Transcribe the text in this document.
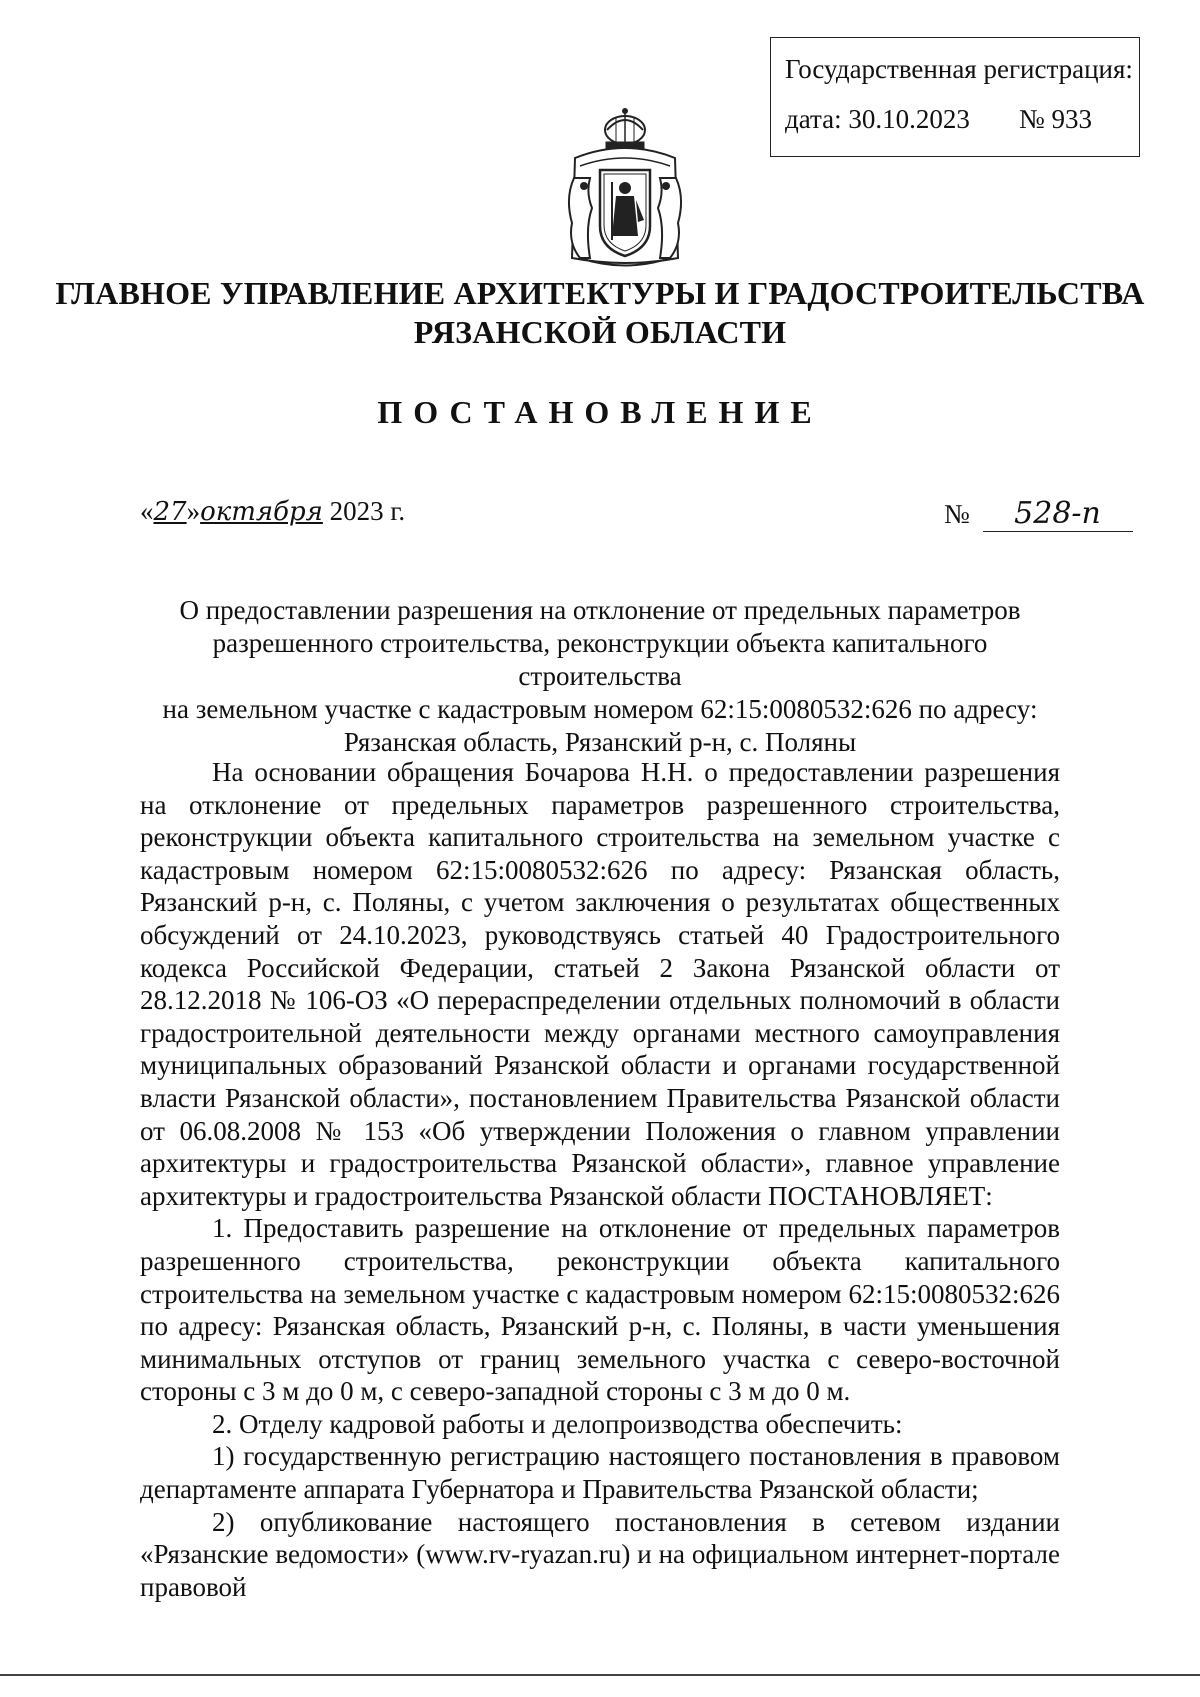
Государственная регистрация:
дата: 30.10.2023 № 933
ГЛАВНОЕ УПРАВЛЕНИЕ АРХИТЕКТУРЫ И ГРАДОСТРОИТЕЛЬСТВА
РЯЗАНСКОЙ ОБЛАСТИ
ПОСТАНОВЛЕНИЕ
«27»октября 2023 г.	№ 528-п
О предоставлении разрешения на отклонение от предельных параметров
разрешенного строительства, реконструкции объекта капитального строительства
на земельном участке с кадастровым номером 62:15:0080532:626 по адресу:
Рязанская область, Рязанский р-н, с. Поляны

На основании обращения Бочарова Н.Н. о предоставлении разрешения на отклонение от предельных параметров разрешенного строительства, реконструкции объекта капитального строительства на земельном участке с кадастровым номером 62:15:0080532:626 по адресу: Рязанская область, Рязанский р-н, с. Поляны, с учетом заключения о результатах общественных обсуждений от 24.10.2023, руководствуясь статьей 40 Градостроительного кодекса Российской Федерации, статьей 2 Закона Рязанской области от 28.12.2018 № 106-ОЗ «О перераспределении отдельных полномочий в области градостроительной деятельности между органами местного самоуправления муниципальных образований Рязанской области и органами государственной власти Рязанской области», постановлением Правительства Рязанской области от 06.08.2008 № 153 «Об утверждении Положения о главном управлении архитектуры и градостроительства Рязанской области», главное управление архитектуры и градостроительства Рязанской области ПОСТАНОВЛЯЕТ:

1. Предоставить разрешение на отклонение от предельных параметров разрешенного строительства, реконструкции объекта капитального строительства на земельном участке с кадастровым номером 62:15:0080532:626 по адресу: Рязанская область, Рязанский р-н, с. Поляны, в части уменьшения минимальных отступов от границ земельного участка с северо-восточной стороны с 3 м до 0 м, с северо-западной стороны с 3 м до 0 м.

2. Отделу кадровой работы и делопроизводства обеспечить:

1) государственную регистрацию настоящего постановления в правовом департаменте аппарата Губернатора и Правительства Рязанской области;

2) опубликование настоящего постановления в сетевом издании «Рязанские ведомости» (www.rv-ryazan.ru) и на официальном интернет-портале правовой
